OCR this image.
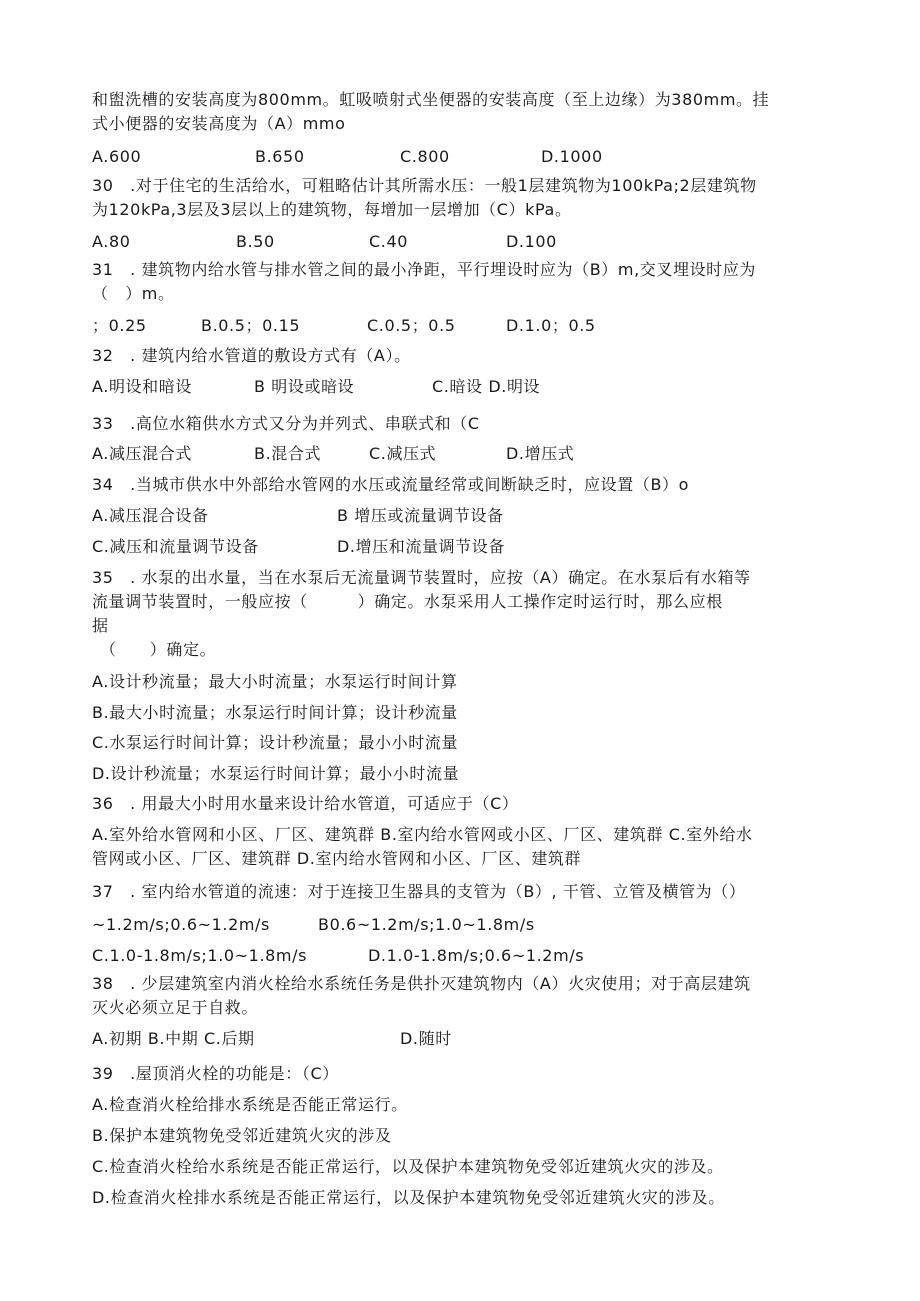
和盥洗槽的安装高度为800mm。虹吸喷射式坐便器的安装高度（至上边缘）为380mm。挂

式小便器的安装高度为（A）mmo

A.600	B.650	C.800	D.1000

30　.对于住宅的生活给水，可粗略估计其所需水压：一般1层建筑物为100kPa;2层建筑物

为120kPa,3层及3层以上的建筑物，每增加一层增加（C）kPa。

A.80	B.50	C.40	D.100

31　. 建筑物内给水管与排水管之间的最小净距，平行埋设时应为（B）m,交叉埋设时应为

（　）m。

；0.25	B.0.5；0.15	C.0.5；0.5	D.1.0；0.5

32　. 建筑内给水管道的敷设方式有（A）。

A.明设和暗设	B 明设或暗设	C.暗设 D.明设

33　.高位水箱供水方式又分为并列式、串联式和（C

A.减压混合式	B.混合式	C.减压式	D.增压式

34　.当城市供水中外部给水管网的水压或流量经常或间断缺乏时，应设置（B）o

A.减压混合设备	B 增压或流量调节设备
C.减压和流量调节设备	D.增压和流量调节设备

35　. 水泵的出水量，当在水泵后无流量调节装置时，应按（A）确定。在水泵后有水箱等

流量调节装置时，一般应按（　　　）确定。水泵采用人工操作定时运行时，那么应根

据

（　　）确定。

A.设计秒流量；最大小时流量；水泵运行时间计算

B.最大小时流量；水泵运行时间计算；设计秒流量

C.水泵运行时间计算；设计秒流量；最小小时流量

D.设计秒流量；水泵运行时间计算；最小小时流量

36　. 用最大小时用水量来设计给水管道，可适应于（C）

A.室外给水管网和小区、厂区、建筑群 B.室内给水管网或小区、厂区、建筑群 C.室外给水

管网或小区、厂区、建筑群 D.室内给水管网和小区、厂区、建筑群

37　. 室内给水管道的流速：对于连接卫生器具的支管为（B）, 干管、立管及横管为（）

~1.2m/s;0.6~1.2m/s	B0.6~1.2m/s;1.0~1.8m/s
C.1.0-1.8m/s;1.0~1.8m/s	D.1.0-1.8m/s;0.6~1.2m/s

38　. 少层建筑室内消火栓给水系统任务是供扑灭建筑物内（A）火灾使用；对于高层建筑

灭火必须立足于自救。

A.初期 B.中期 C.后期	D.随时

39　.屋顶消火栓的功能是：（C）

A.检查消火栓给排水系统是否能正常运行。

B.保护本建筑物免受邻近建筑火灾的涉及

C.检查消火栓给水系统是否能正常运行，以及保护本建筑物免受邻近建筑火灾的涉及。

D.检查消火栓排水系统是否能正常运行，以及保护本建筑物免受邻近建筑火灾的涉及。
